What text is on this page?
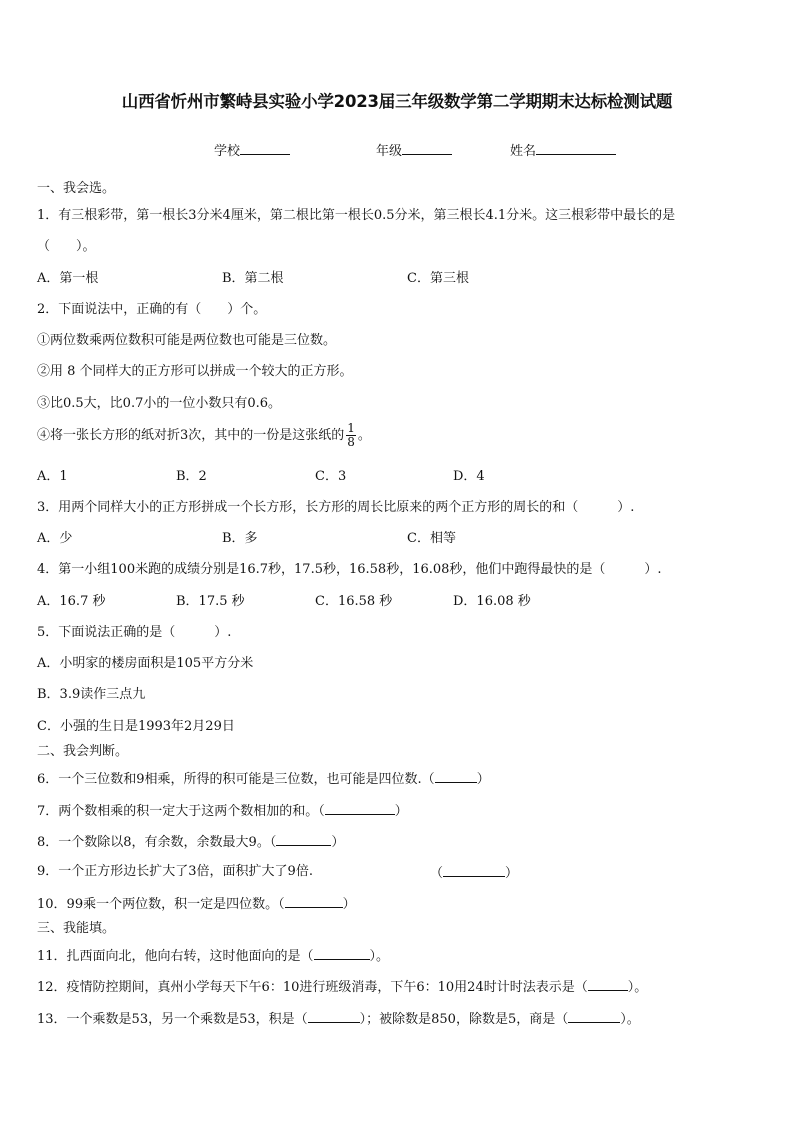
山西省忻州市繁峙县实验小学2023届三年级数学第二学期期末达标检测试题
学校	年级	姓名
一、我会选。
1．有三根彩带，第一根长3分米4厘米，第二根比第一根长0.5分米，第三根长4.1分米。这三根彩带中最长的是
（　　）。
A．第一根	B．第二根	C．第三根
2．下面说法中，正确的有（　　）个。
①两位数乘两位数积可能是两位数也可能是三位数。
②用 8 个同样大的正方形可以拼成一个较大的正方形。
③比0.5大，比0.7小的一位小数只有0.6。
④将一张长方形的纸对折3次，其中的一份是这张纸的 $\frac{1}{8}$ 。
A．1	B．2	C．3	D．4
3．用两个同样大小的正方形拼成一个长方形，长方形的周长比原来的两个正方形的周长的和（　　　）.
A．少	B．多	C．相等
4．第一小组100米跑的成绩分别是16.7秒，17.5秒，16.58秒，16.08秒，他们中跑得最快的是（　　　）.
A．16.7 秒	B．17.5 秒	C．16.58 秒	D．16.08 秒
5．下面说法正确的是（　　　）.
A．小明家的楼房面积是105平方分米
B．3.9读作三点九
C．小强的生日是1993年2月29日
二、我会判断。
6．一个三位数和9相乘，所得的积可能是三位数，也可能是四位数.（	）
7．两个数相乘的积一定大于这两个数相加的和。（	）
8．一个数除以8，有余数，余数最大9。（	）
9．一个正方形边长扩大了3倍，面积扩大了9倍.	（	）
10．99乘一个两位数，积一定是四位数。（	）
三、我能填。
11．扎西面向北，他向右转，这时他面向的是（	）。
12．疫情防控期间，真州小学每天下午6：10进行班级消毒，下午6：10用24时计时法表示是（	）。
13．一个乘数是53，另一个乘数是53，积是（	）；被除数是850，除数是5，商是（	）。
